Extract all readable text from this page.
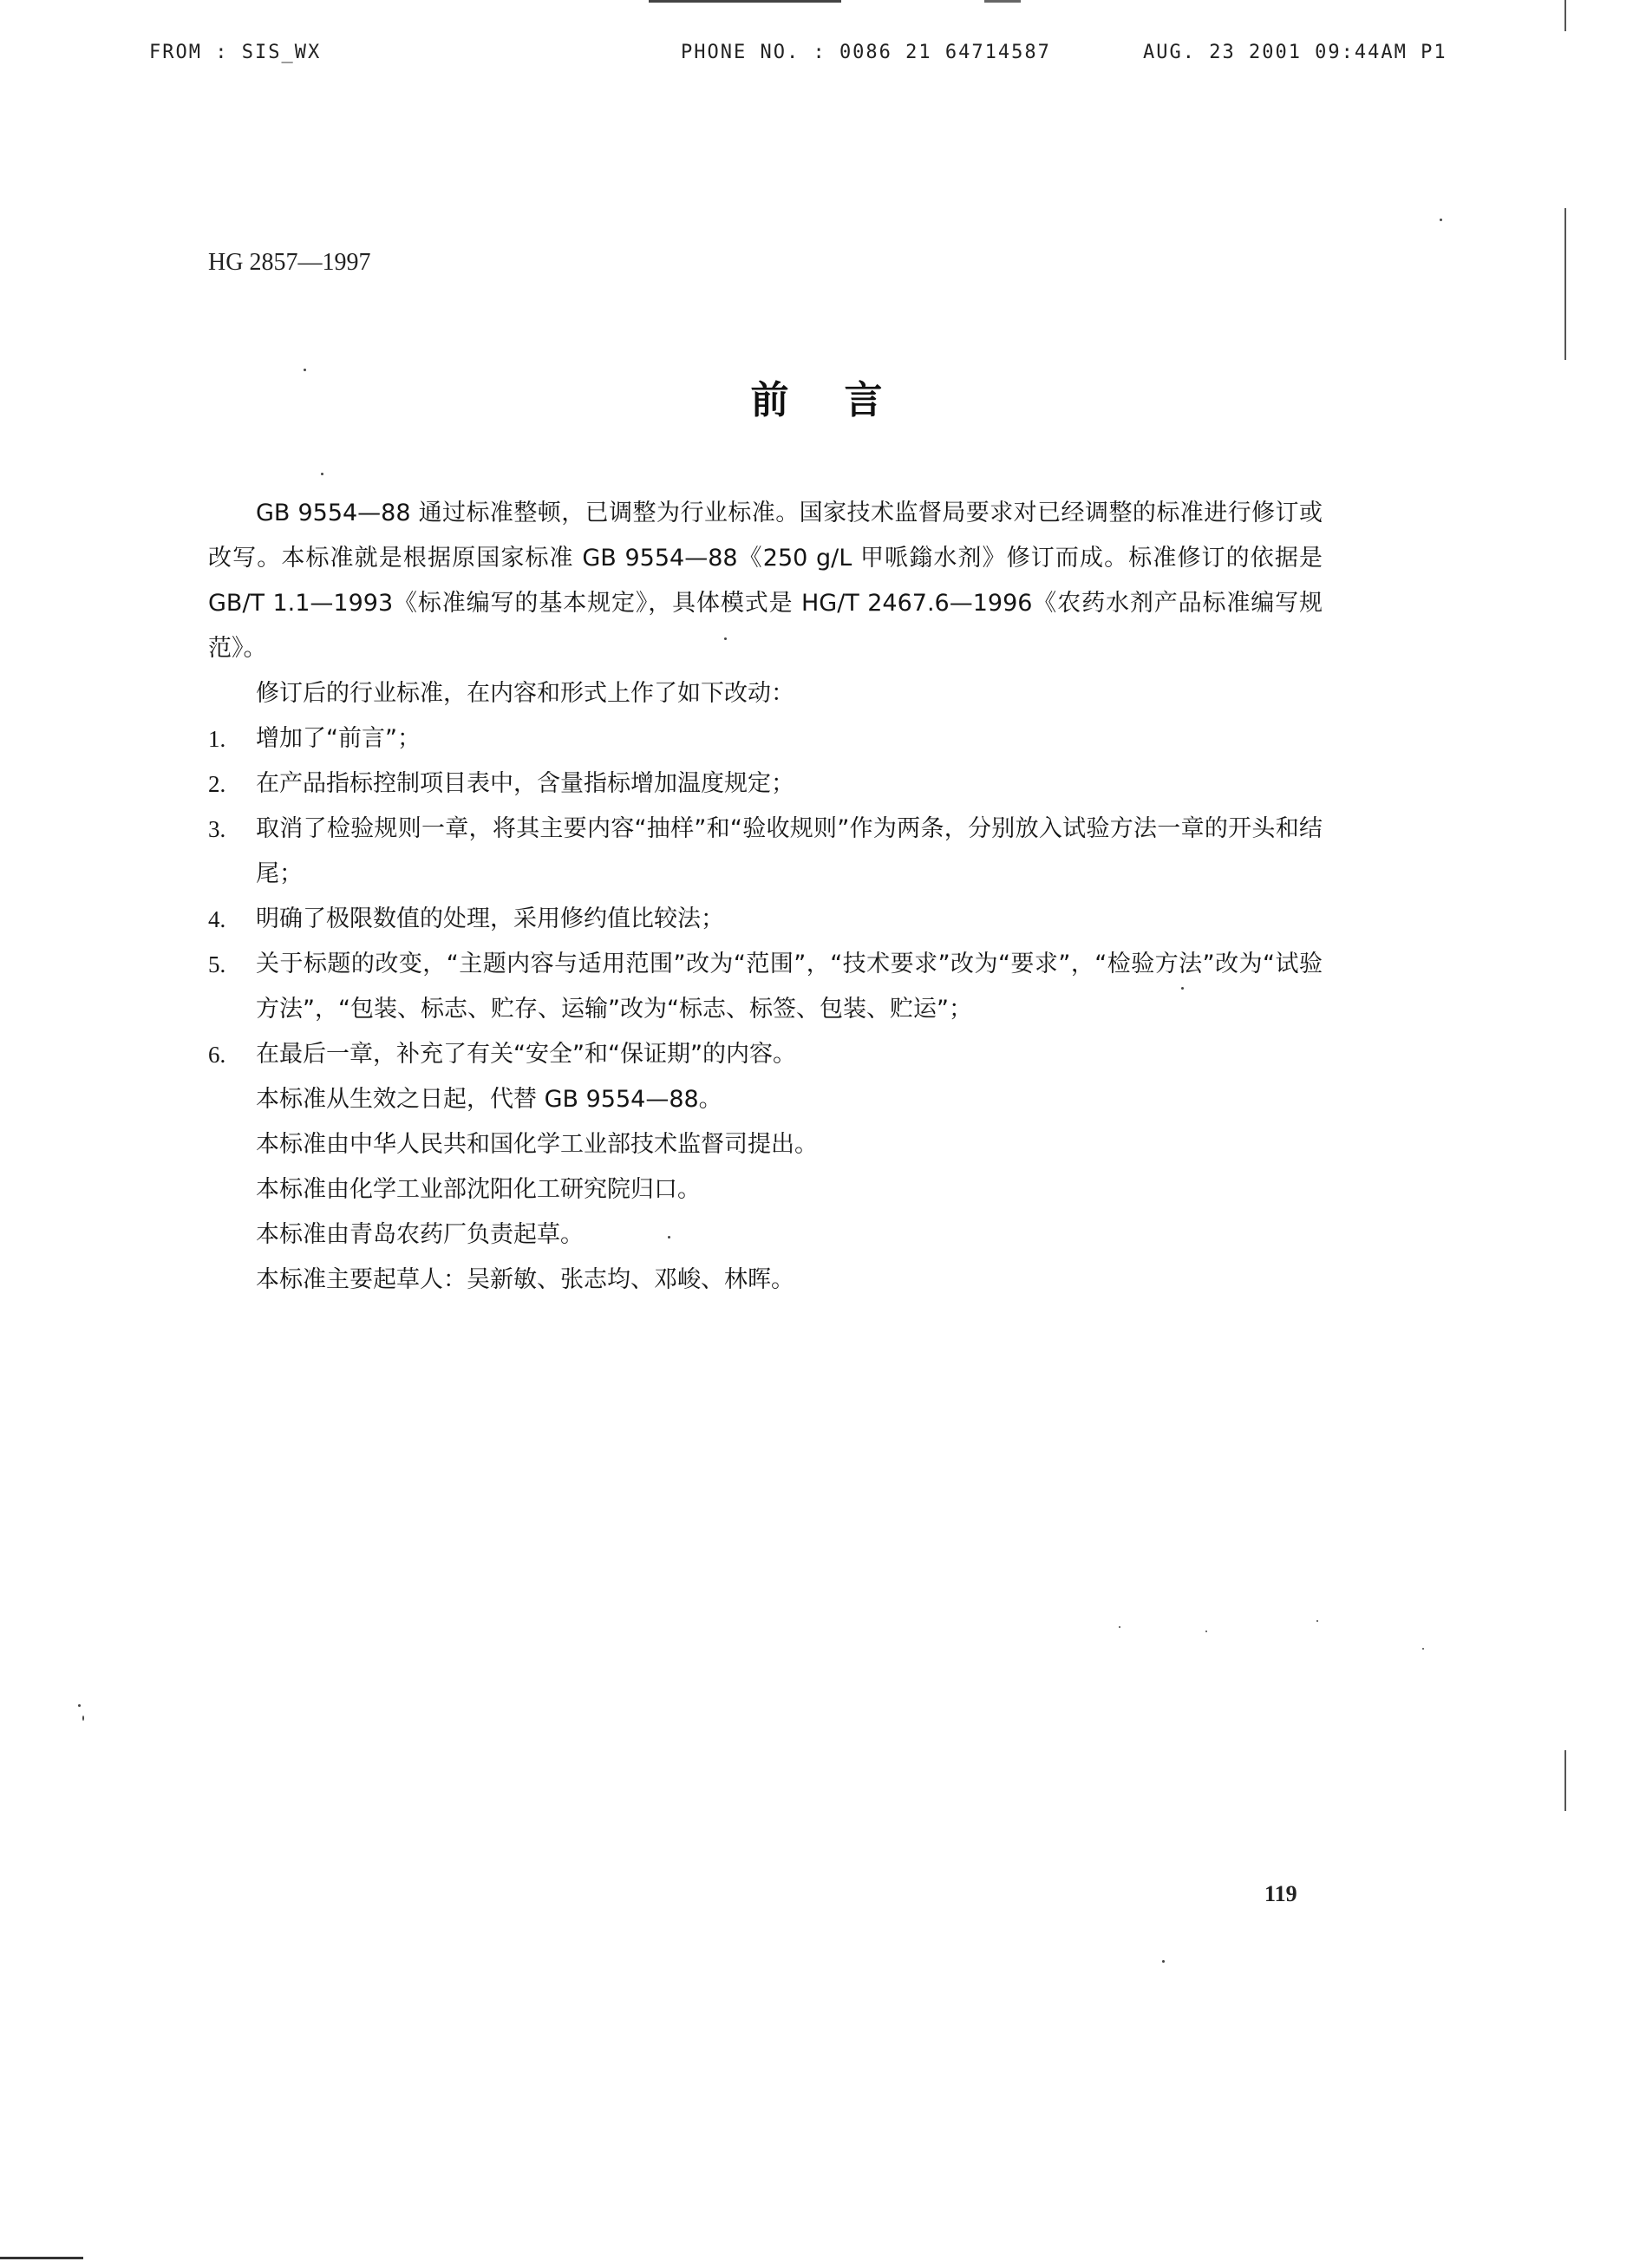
FROM : SIS_WX	PHONE NO. : 0086 21 64714587	AUG. 23 2001 09:44AM P1
HG 2857—1997
前言

GB 9554—88 通过标准整顿，已调整为行业标准。国家技术监督局要求对已经调整的标准进行修订或改写。本标准就是根据原国家标准 GB 9554—88《250 g/L 甲哌鎓水剂》修订而成。标准修订的依据是 GB/T 1.1—1993《标准编写的基本规定》，具体模式是 HG/T 2467.6—1996《农药水剂产品标准编写规范》。

修订后的行业标准，在内容和形式上作了如下改动：

1.	增加了“前言”；
2.	在产品指标控制项目表中，含量指标增加温度规定；
3.	取消了检验规则一章，将其主要内容“抽样”和“验收规则”作为两条，分别放入试验方法一章的开头和结尾；
4.	明确了极限数值的处理，采用修约值比较法；
5.	关于标题的改变，“主题内容与适用范围”改为“范围”，“技术要求”改为“要求”，“检验方法”改为“试验方法”，“包装、标志、贮存、运输”改为“标志、标签、包装、贮运”；
6.	在最后一章，补充了有关“安全”和“保证期”的内容。

本标准从生效之日起，代替 GB 9554—88。

本标准由中华人民共和国化学工业部技术监督司提出。

本标准由化学工业部沈阳化工研究院归口。

本标准由青岛农药厂负责起草。

本标准主要起草人：吴新敏、张志均、邓峻、林晖。

119
